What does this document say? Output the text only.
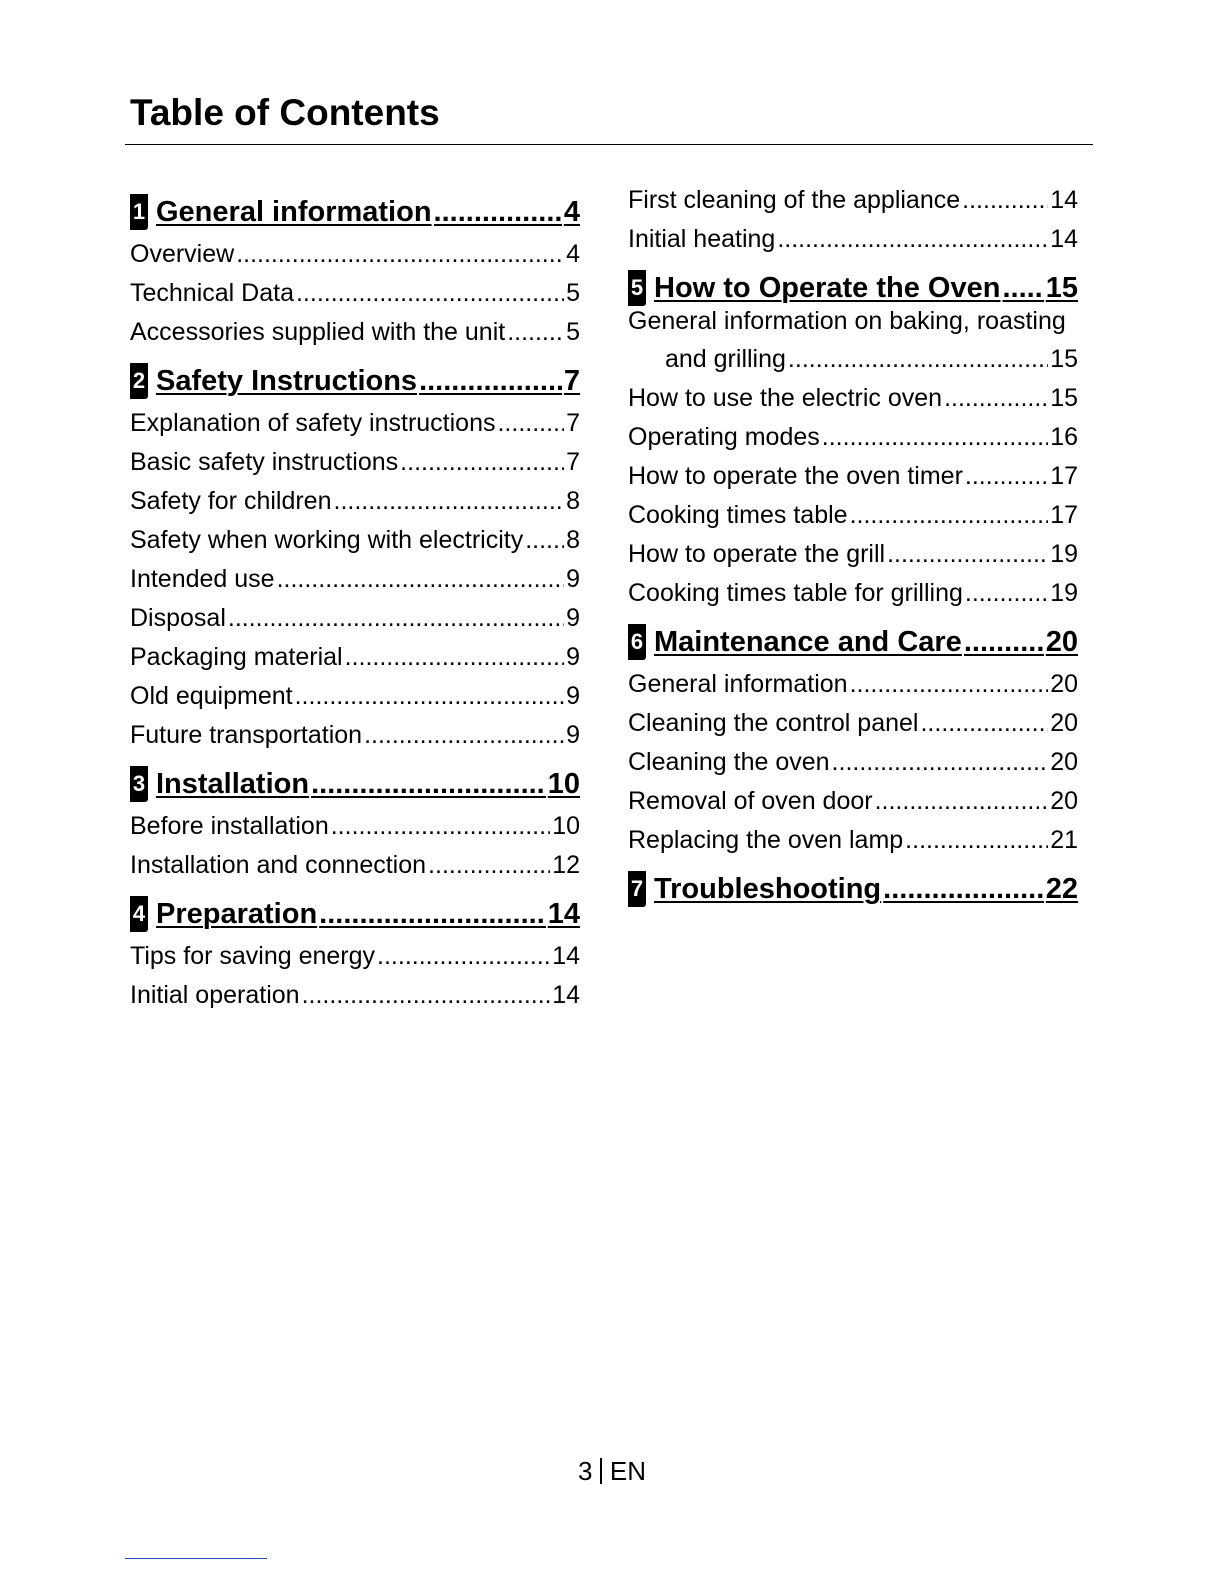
Table of Contents
1 General information .....	4
Overview .....	4
Technical Data .....	5
Accessories supplied with the unit ..... 5
2 Safety Instructions .....	7
Explanation of safety instructions .....	7
Basic safety instructions .....	7
Safety for children .....	8
Safety when working with electricity ..... 8
Intended use .....	9
Disposal .....	9
Packaging material .....	9
Old equipment .....	9
Future transportation .....	9
3 Installation .....	10
Before installation .....	10
Installation and connection .....	12
4 Preparation .....	14
Tips for saving energy .....	14
Initial operation .....	14
First cleaning of the appliance .....	14
Initial heating .....	14
5 How to Operate the Oven ..... 15
General information on baking, roasting
and grilling .....	15
How to use the electric oven .....	15
Operating modes .....	16
How to operate the oven timer .....	17
Cooking times table .....	17
How to operate the grill .....	19
Cooking times table for grilling .....	19
6 Maintenance and Care .....	20
General information .....	20
Cleaning the control panel .....	20
Cleaning the oven .....	20
Removal of oven door .....	20
Replacing the oven lamp .....	21
7 Troubleshooting .....	22
3 EN
